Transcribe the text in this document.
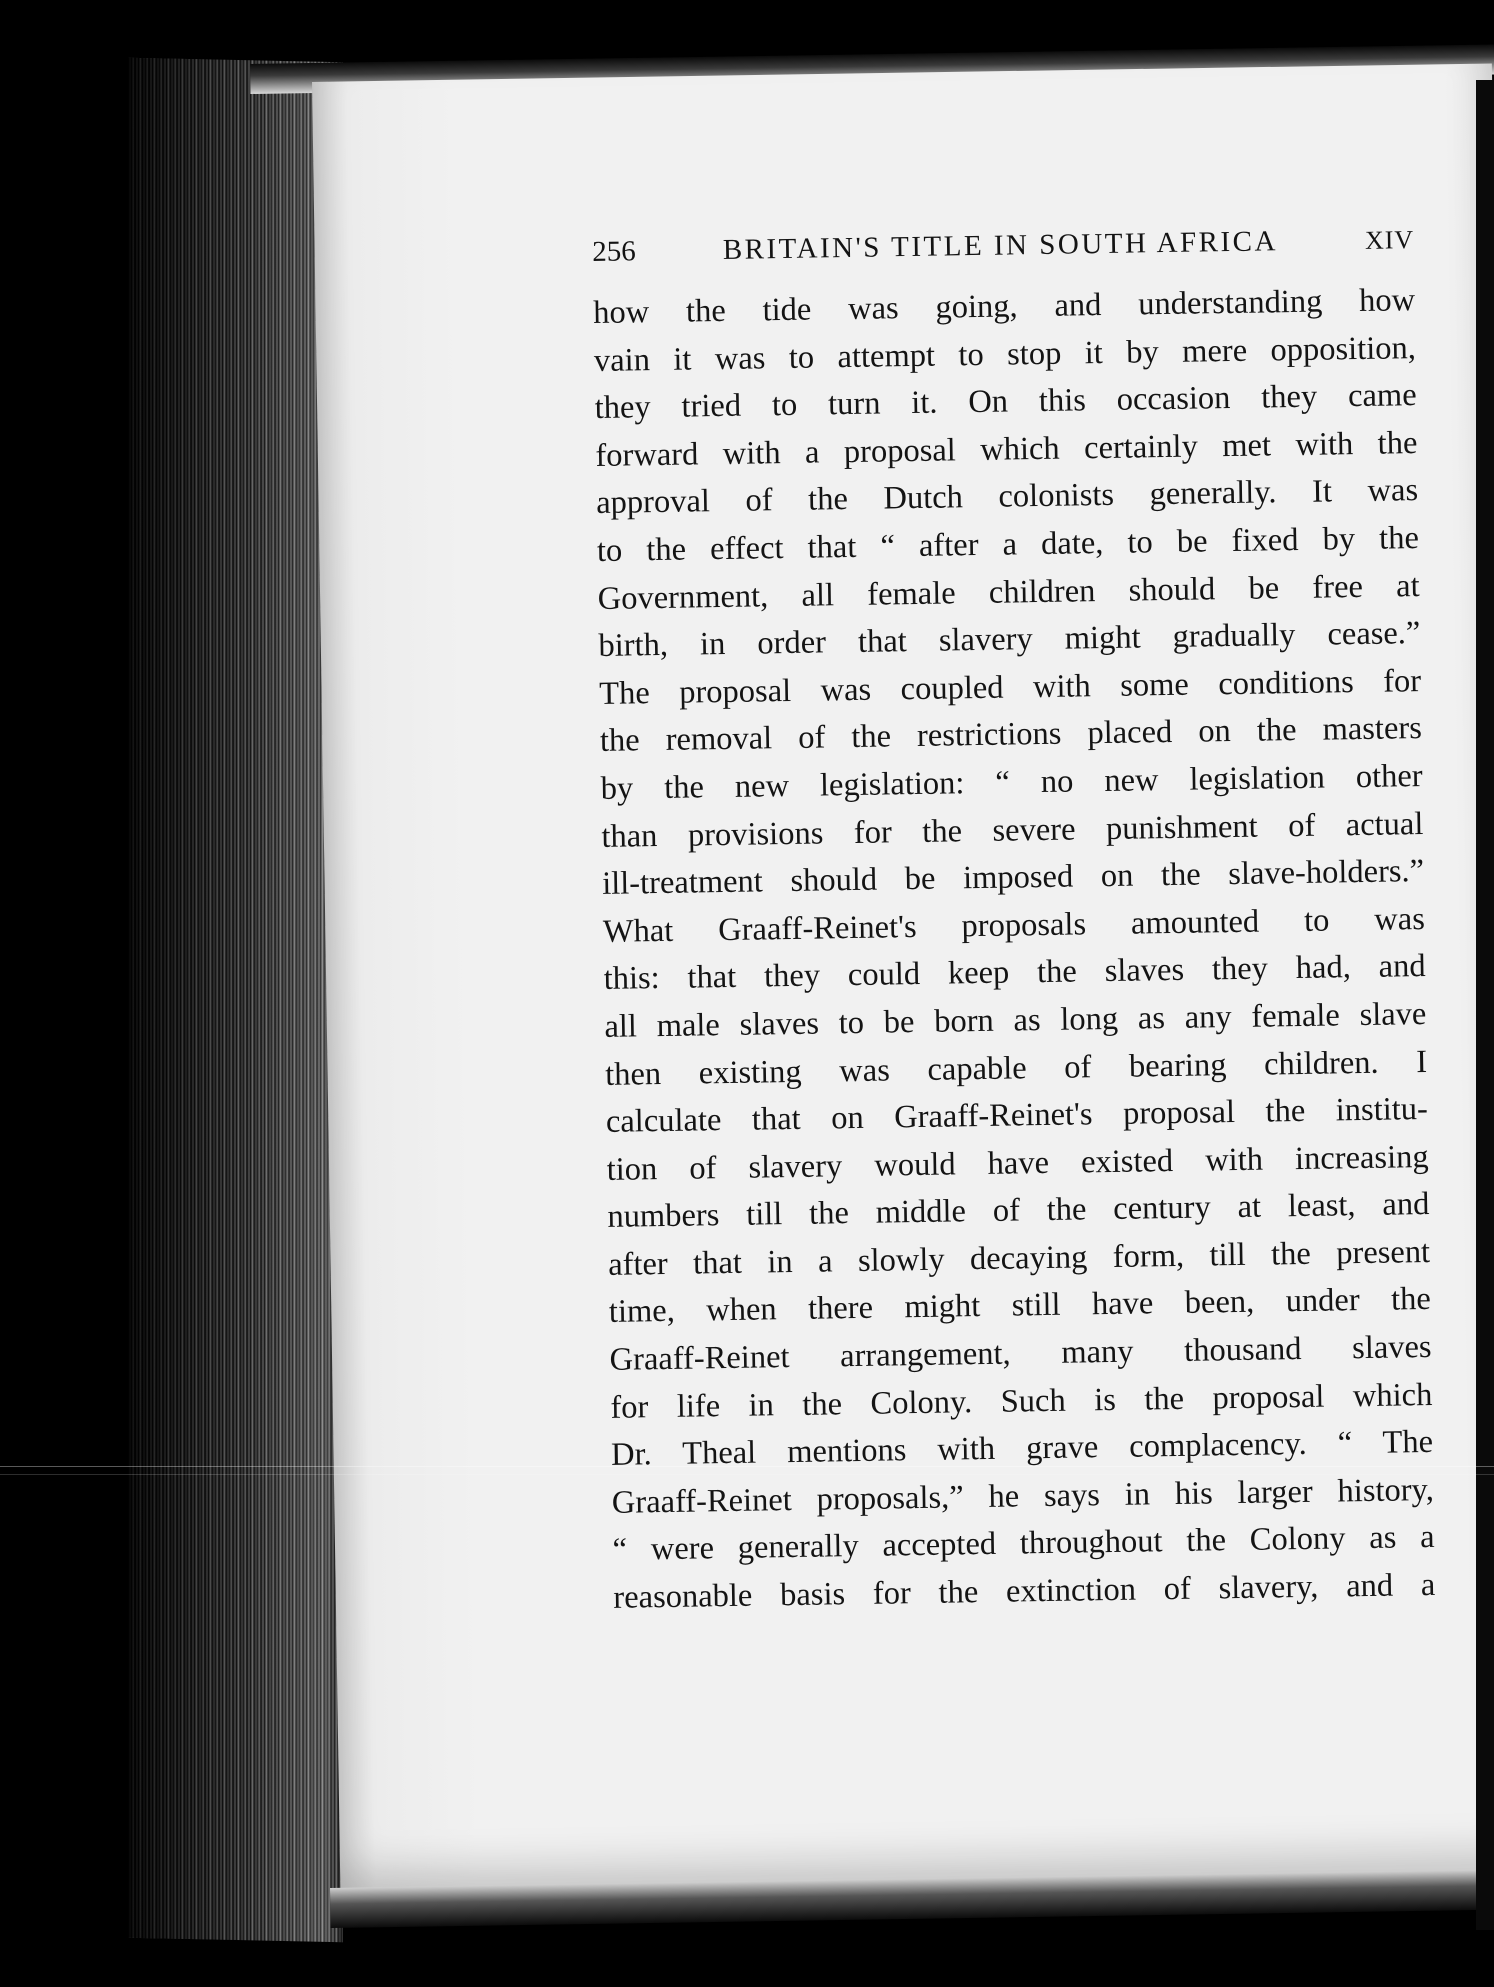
256	BRITAIN'S TITLE IN SOUTH AFRICA	XIV
how the tide was going, and understanding how
vain it was to attempt to stop it by mere opposition,
they tried to turn it. On this occasion they came
forward with a proposal which certainly met with the
approval of the Dutch colonists generally. It was
to the effect that “ after a date, to be fixed by the
Government, all female children should be free at
birth, in order that slavery might gradually cease.”
The proposal was coupled with some conditions for
the removal of the restrictions placed on the masters
by the new legislation: “ no new legislation other
than provisions for the severe punishment of actual
ill-treatment should be imposed on the slave-holders.”
What Graaff-Reinet's proposals amounted to was
this: that they could keep the slaves they had, and
all male slaves to be born as long as any female slave
then existing was capable of bearing children. I
calculate that on Graaff-Reinet's proposal the institu-
tion of slavery would have existed with increasing
numbers till the middle of the century at least, and
after that in a slowly decaying form, till the present
time, when there might still have been, under the
Graaff-Reinet arrangement, many thousand slaves
for life in the Colony. Such is the proposal which
Dr. Theal mentions with grave complacency. “ The
Graaff-Reinet proposals,” he says in his larger history,
“ were generally accepted throughout the Colony as a
reasonable basis for the extinction of slavery, and a
